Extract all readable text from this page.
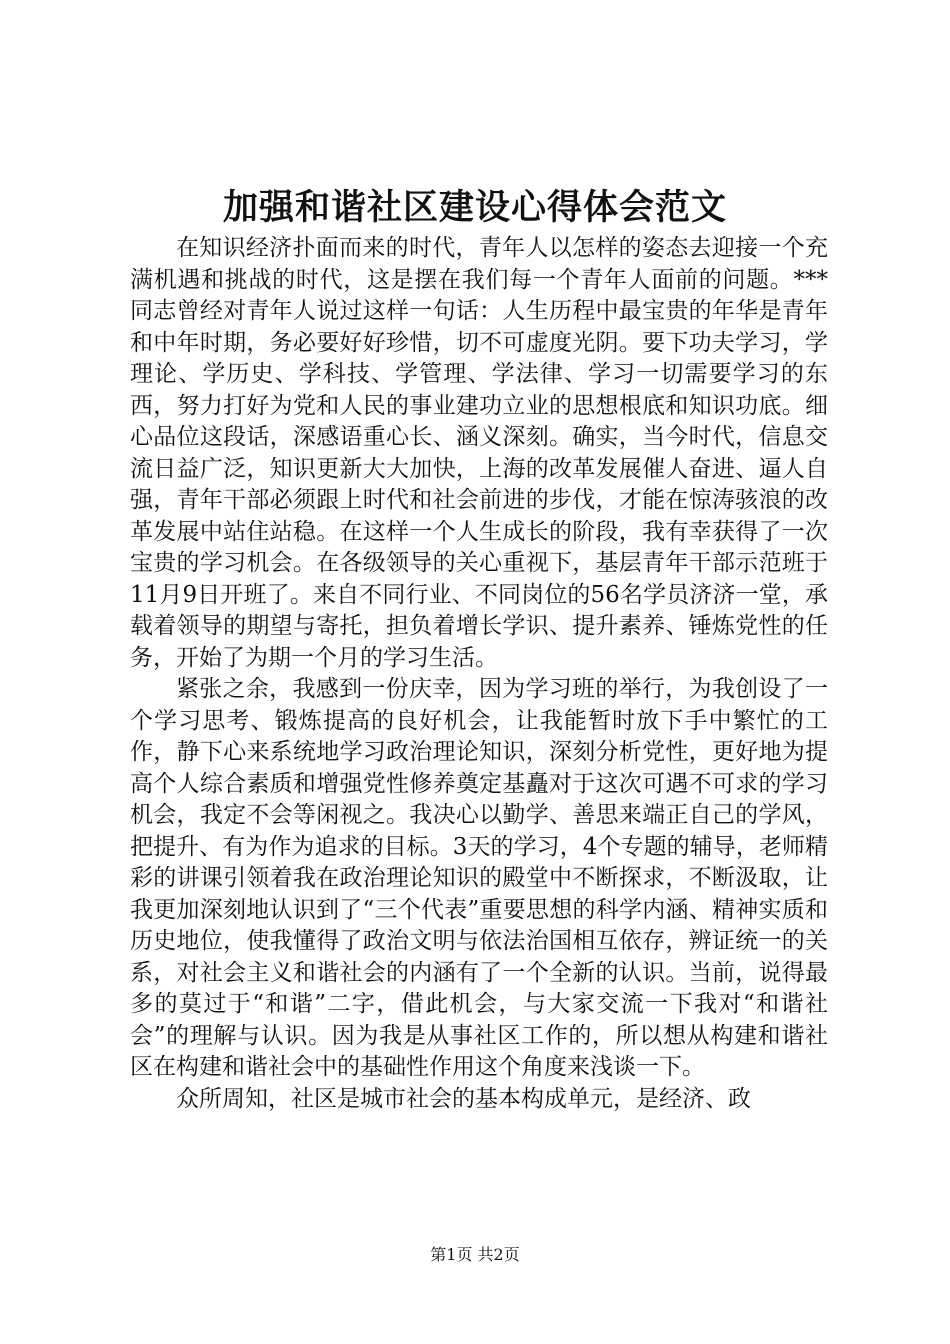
加强和谐社区建设心得体会范文

在知识经济扑面而来的时代，青年人以怎样的姿态去迎接一个充满机遇和挑战的时代，这是摆在我们每一个青年人面前的问题。***同志曾经对青年人说过这样一句话：人生历程中最宝贵的年华是青年和中年时期，务必要好好珍惜，切不可虚度光阴。要下功夫学习，学理论、学历史、学科技、学管理、学法律、学习一切需要学习的东西，努力打好为党和人民的事业建功立业的思想根底和知识功底。细心品位这段话，深感语重心长、涵义深刻。确实，当今时代，信息交流日益广泛，知识更新大大加快，上海的改革发展催人奋进、逼人自强，青年干部必须跟上时代和社会前进的步伐，才能在惊涛骇浪的改革发展中站住站稳。在这样一个人生成长的阶段，我有幸获得了一次宝贵的学习机会。在各级领导的关心重视下，基层青年干部示范班于11月9日开班了。来自不同行业、不同岗位的56名学员济济一堂，承载着领导的期望与寄托，担负着增长学识、提升素养、锤炼党性的任务，开始了为期一个月的学习生活。

紧张之余，我感到一份庆幸，因为学习班的举行，为我创设了一个学习思考、锻炼提高的良好机会，让我能暂时放下手中繁忙的工作，静下心来系统地学习政治理论知识，深刻分析党性，更好地为提高个人综合素质和增强党性修养奠定基矗对于这次可遇不可求的学习机会，我定不会等闲视之。我决心以勤学、善思来端正自己的学风，把提升、有为作为追求的目标。3天的学习，4个专题的辅导，老师精彩的讲课引领着我在政治理论知识的殿堂中不断探求，不断汲取，让我更加深刻地认识到了“三个代表”重要思想的科学内涵、精神实质和历史地位，使我懂得了政治文明与依法治国相互依存，辨证统一的关系，对社会主义和谐社会的内涵有了一个全新的认识。当前，说得最多的莫过于“和谐”二字，借此机会，与大家交流一下我对“和谐社会”的理解与认识。因为我是从事社区工作的，所以想从构建和谐社区在构建和谐社会中的基础性作用这个角度来浅谈一下。

众所周知，社区是城市社会的基本构成单元，是经济、政

第1页 共2页
